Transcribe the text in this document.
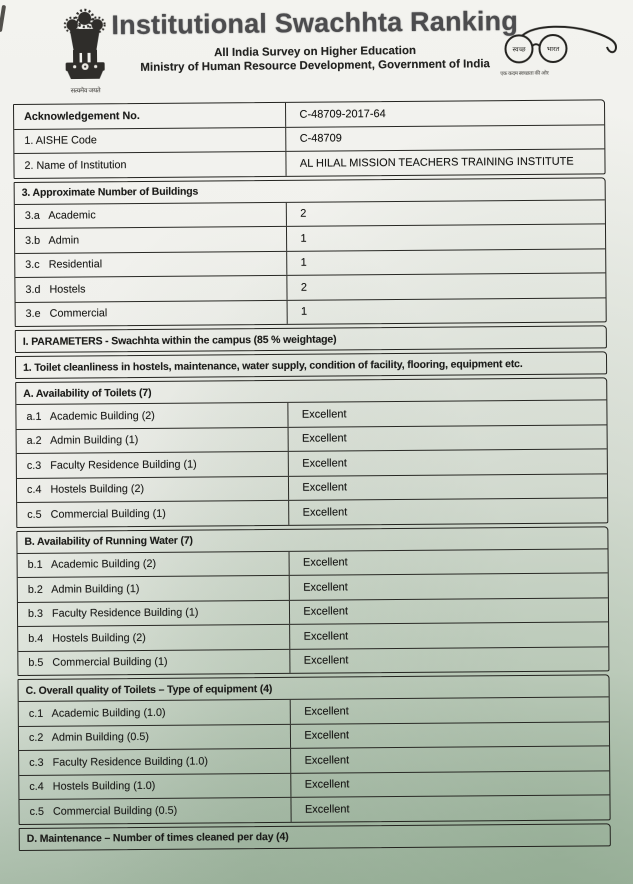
सत्यमेव जयते
Institutional Swachhta Ranking
All India Survey on Higher Education
Ministry of Human Resource Development, Government of India
स्वच्छ	भारत
एक कदम स्वच्छता की ओर
Acknowledgement No.	C-48709-2017-64
1. AISHE Code	C-48709
2. Name of Institution	AL HILAL MISSION TEACHERS TRAINING INSTITUTE
3. Approximate Number of Buildings
3.a   Academic	2
3.b   Admin	1
3.c   Residential	1
3.d   Hostels	2
3.e   Commercial	1
I. PARAMETERS - Swachhta within the campus (85 % weightage)
1. Toilet cleanliness in hostels, maintenance, water supply, condition of facility, flooring, equipment etc.
A. Availability of Toilets (7)
a.1   Academic Building (2)	Excellent
a.2   Admin Building (1)	Excellent
c.3   Faculty Residence Building (1)	Excellent
c.4   Hostels Building (2)	Excellent
c.5   Commercial Building (1)	Excellent
B. Availability of Running Water (7)
b.1   Academic Building (2)	Excellent
b.2   Admin Building (1)	Excellent
b.3   Faculty Residence Building (1)	Excellent
b.4   Hostels Building (2)	Excellent
b.5   Commercial Building (1)	Excellent
C. Overall quality of Toilets – Type of equipment (4)
c.1   Academic Building (1.0)	Excellent
c.2   Admin Building (0.5)	Excellent
c.3   Faculty Residence Building (1.0)	Excellent
c.4   Hostels Building (1.0)	Excellent
c.5   Commercial Building (0.5)	Excellent
D. Maintenance – Number of times cleaned per day (4)
